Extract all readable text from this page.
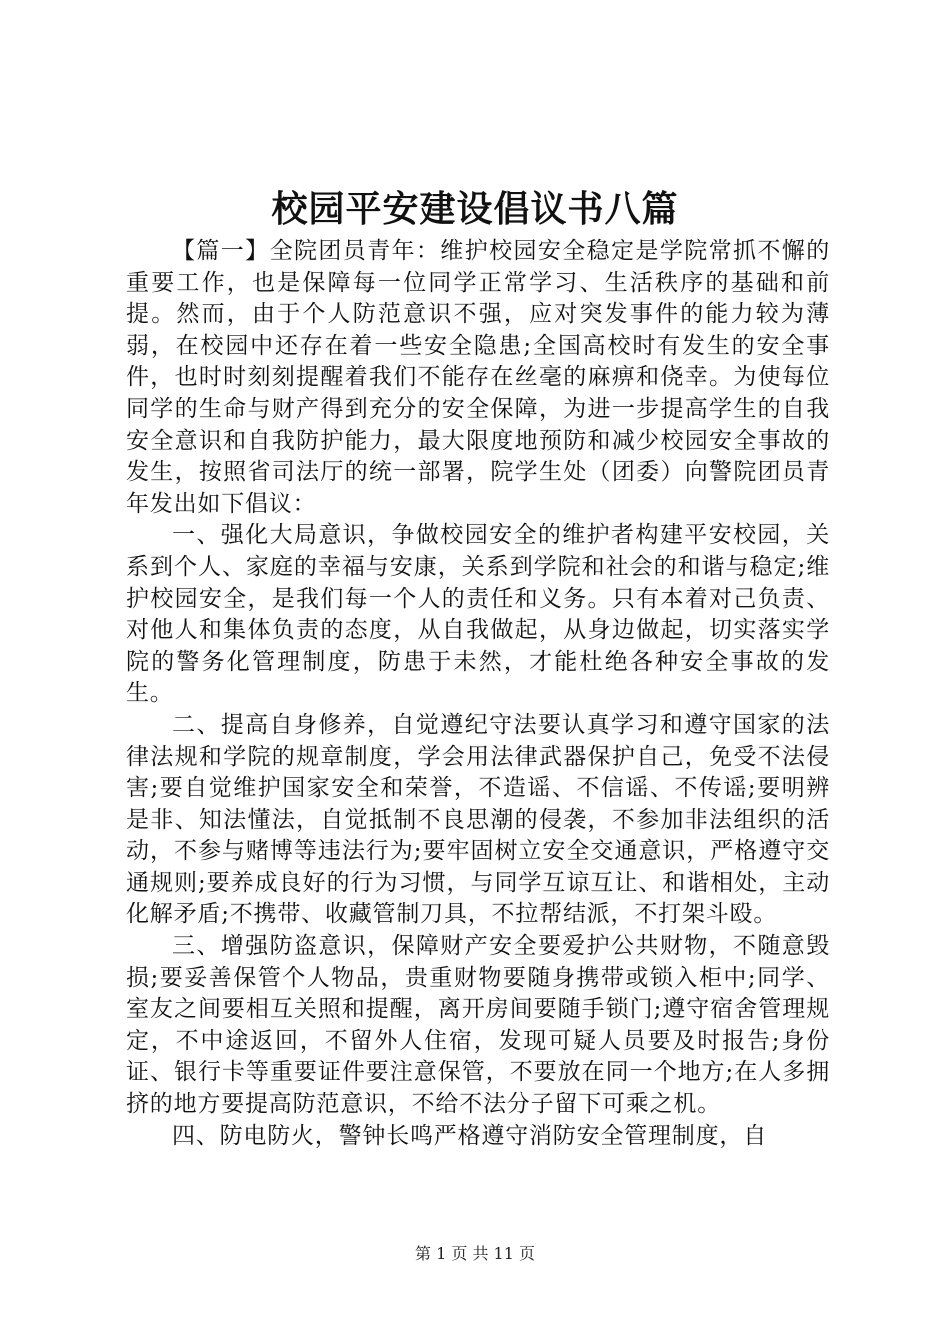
校园平安建设倡议书八篇

【篇一】全院团员青年：维护校园安全稳定是学院常抓不懈的重要工作，也是保障每一位同学正常学习、生活秩序的基础和前提。然而，由于个人防范意识不强，应对突发事件的能力较为薄弱，在校园中还存在着一些安全隐患;全国高校时有发生的安全事件，也时时刻刻提醒着我们不能存在丝毫的麻痹和侥幸。为使每位同学的生命与财产得到充分的安全保障，为进一步提高学生的自我安全意识和自我防护能力，最大限度地预防和减少校园安全事故的发生，按照省司法厅的统一部署，院学生处（团委）向警院团员青年发出如下倡议：

一、强化大局意识，争做校园安全的维护者构建平安校园，关系到个人、家庭的幸福与安康，关系到学院和社会的和谐与稳定;维护校园安全，是我们每一个人的责任和义务。只有本着对己负责、对他人和集体负责的态度，从自我做起，从身边做起，切实落实学院的警务化管理制度，防患于未然，才能杜绝各种安全事故的发生。

二、提高自身修养，自觉遵纪守法要认真学习和遵守国家的法律法规和学院的规章制度，学会用法律武器保护自己，免受不法侵害;要自觉维护国家安全和荣誉，不造谣、不信谣、不传谣;要明辨是非、知法懂法，自觉抵制不良思潮的侵袭，不参加非法组织的活动，不参与赌博等违法行为;要牢固树立安全交通意识，严格遵守交通规则;要养成良好的行为习惯，与同学互谅互让、和谐相处，主动化解矛盾;不携带、收藏管制刀具，不拉帮结派，不打架斗殴。

三、增强防盗意识，保障财产安全要爱护公共财物，不随意毁损;要妥善保管个人物品，贵重财物要随身携带或锁入柜中;同学、室友之间要相互关照和提醒，离开房间要随手锁门;遵守宿舍管理规定，不中途返回，不留外人住宿，发现可疑人员要及时报告;身份证、银行卡等重要证件要注意保管，不要放在同一个地方;在人多拥挤的地方要提高防范意识，不给不法分子留下可乘之机。

四、防电防火，警钟长鸣严格遵守消防安全管理制度，自

第 1 页 共 11 页
